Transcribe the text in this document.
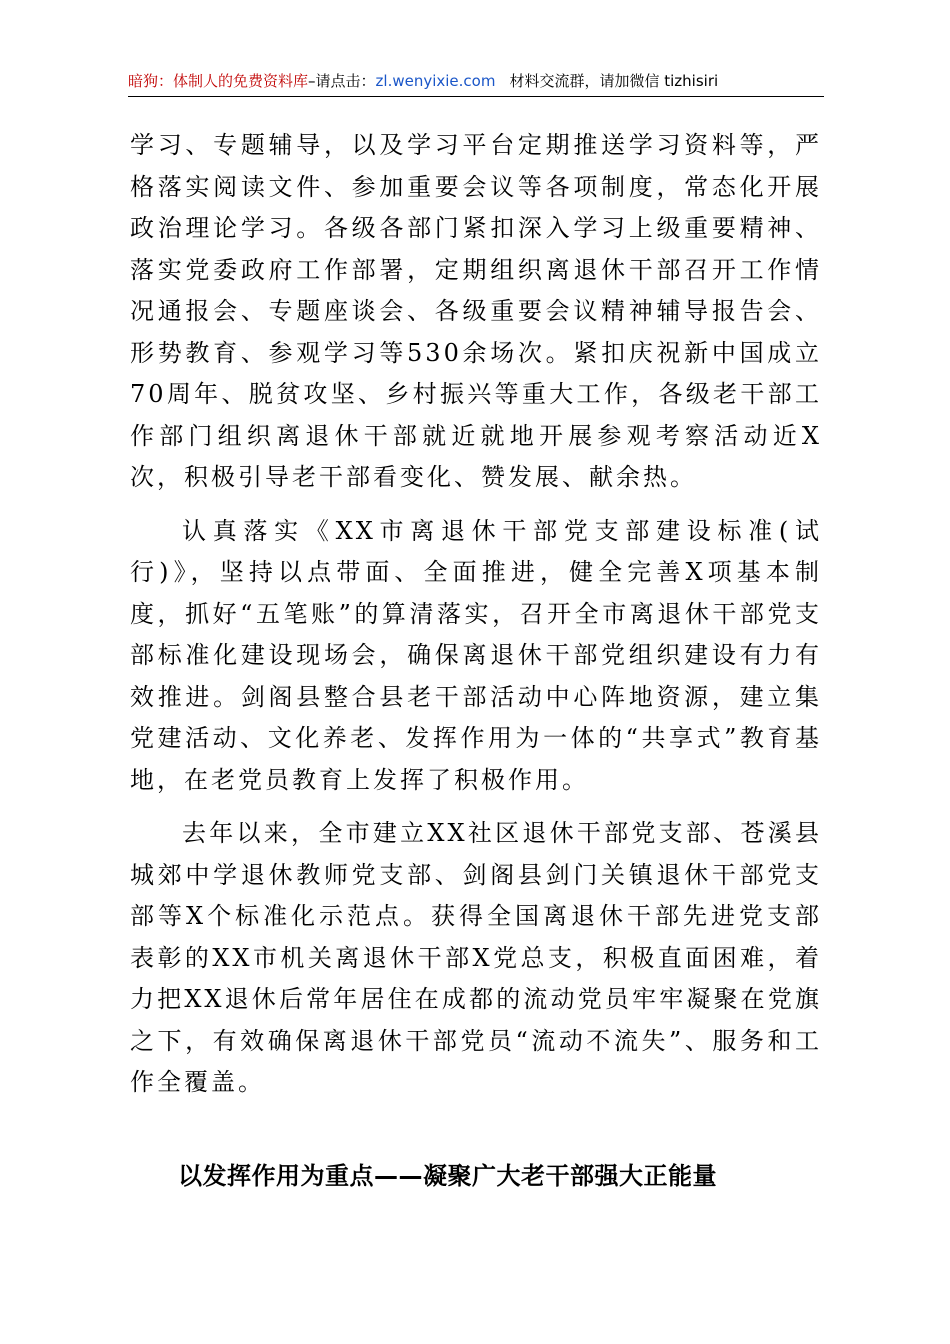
暗狗：体制人的免费资料库–请点击：zl.wenyixie.com 材料交流群，请加微信 tizhisiri

学习、专题辅导，以及学习平台定期推送学习资料等，严格落实阅读文件、参加重要会议等各项制度，常态化开展政治理论学习。各级各部门紧扣深入学习上级重要精神、落实党委政府工作部署，定期组织离退休干部召开工作情况通报会、专题座谈会、各级重要会议精神辅导报告会、形势教育、参观学习等530余场次。紧扣庆祝新中国成立70周年、脱贫攻坚、乡村振兴等重大工作，各级老干部工作部门组织离退休干部就近就地开展参观考察活动近X次，积极引导老干部看变化、赞发展、献余热。

认真落实《XX市离退休干部党支部建设标准(试行)》，坚持以点带面、全面推进，健全完善X项基本制度，抓好“五笔账”的算清落实，召开全市离退休干部党支部标准化建设现场会，确保离退休干部党组织建设有力有效推进。剑阁县整合县老干部活动中心阵地资源，建立集党建活动、文化养老、发挥作用为一体的“共享式”教育基地，在老党员教育上发挥了积极作用。

去年以来，全市建立XX社区退休干部党支部、苍溪县城郊中学退休教师党支部、剑阁县剑门关镇退休干部党支部等X个标准化示范点。获得全国离退休干部先进党支部表彰的XX市机关离退休干部X党总支，积极直面困难，着力把XX退休后常年居住在成都的流动党员牢牢凝聚在党旗之下，有效确保离退休干部党员“流动不流失”、服务和工作全覆盖。

以发挥作用为重点——凝聚广大老干部强大正能量
